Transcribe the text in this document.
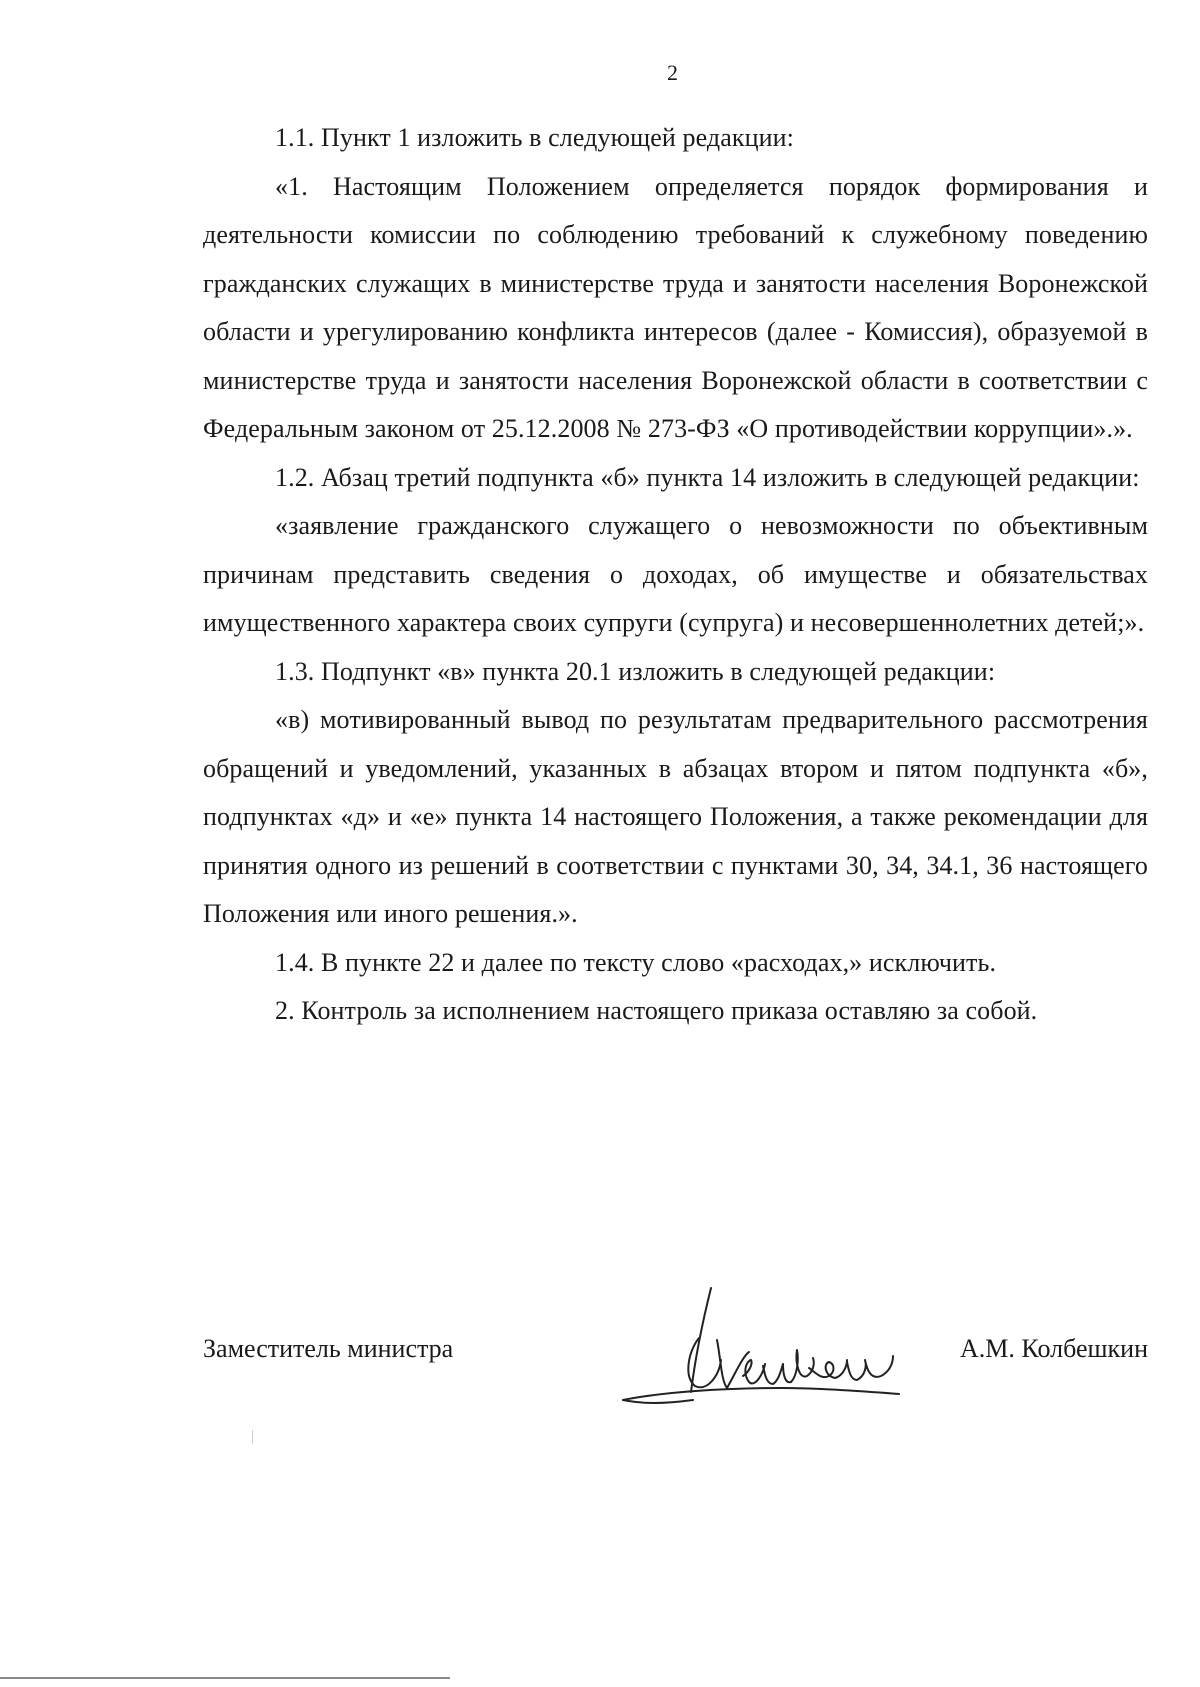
2

1.1. Пункт 1 изложить в следующей редакции:

«1. Настоящим Положением определяется порядок формирования и деятельности комиссии по соблюдению требований к служебному поведению гражданских служащих в министерстве труда и занятости населения Воронежской области и урегулированию конфликта интересов (далее - Комиссия), образуемой в министерстве труда и занятости населения Воронежской области в соответствии с Федеральным законом от 25.12.2008 № 273-ФЗ «О противодействии коррупции».».

1.2. Абзац третий подпункта «б» пункта 14 изложить в следующей редакции:

«заявление гражданского служащего о невозможности по объективным причинам представить сведения о доходах, об имуществе и обязательствах имущественного характера своих супруги (супруга) и несовершеннолетних детей;».

1.3. Подпункт «в» пункта 20.1 изложить в следующей редакции:

«в) мотивированный вывод по результатам предварительного рассмотрения обращений и уведомлений, указанных в абзацах втором и пятом подпункта «б», подпунктах «д» и «е» пункта 14 настоящего Положения, а также рекомендации для принятия одного из решений в соответствии с пунктами 30, 34, 34.1, 36 настоящего Положения или иного решения.».

1.4. В пункте 22 и далее по тексту слово «расходах,» исключить.

2. Контроль за исполнением настоящего приказа оставляю за собой.

Заместитель министра	А.М. Колбешкин
